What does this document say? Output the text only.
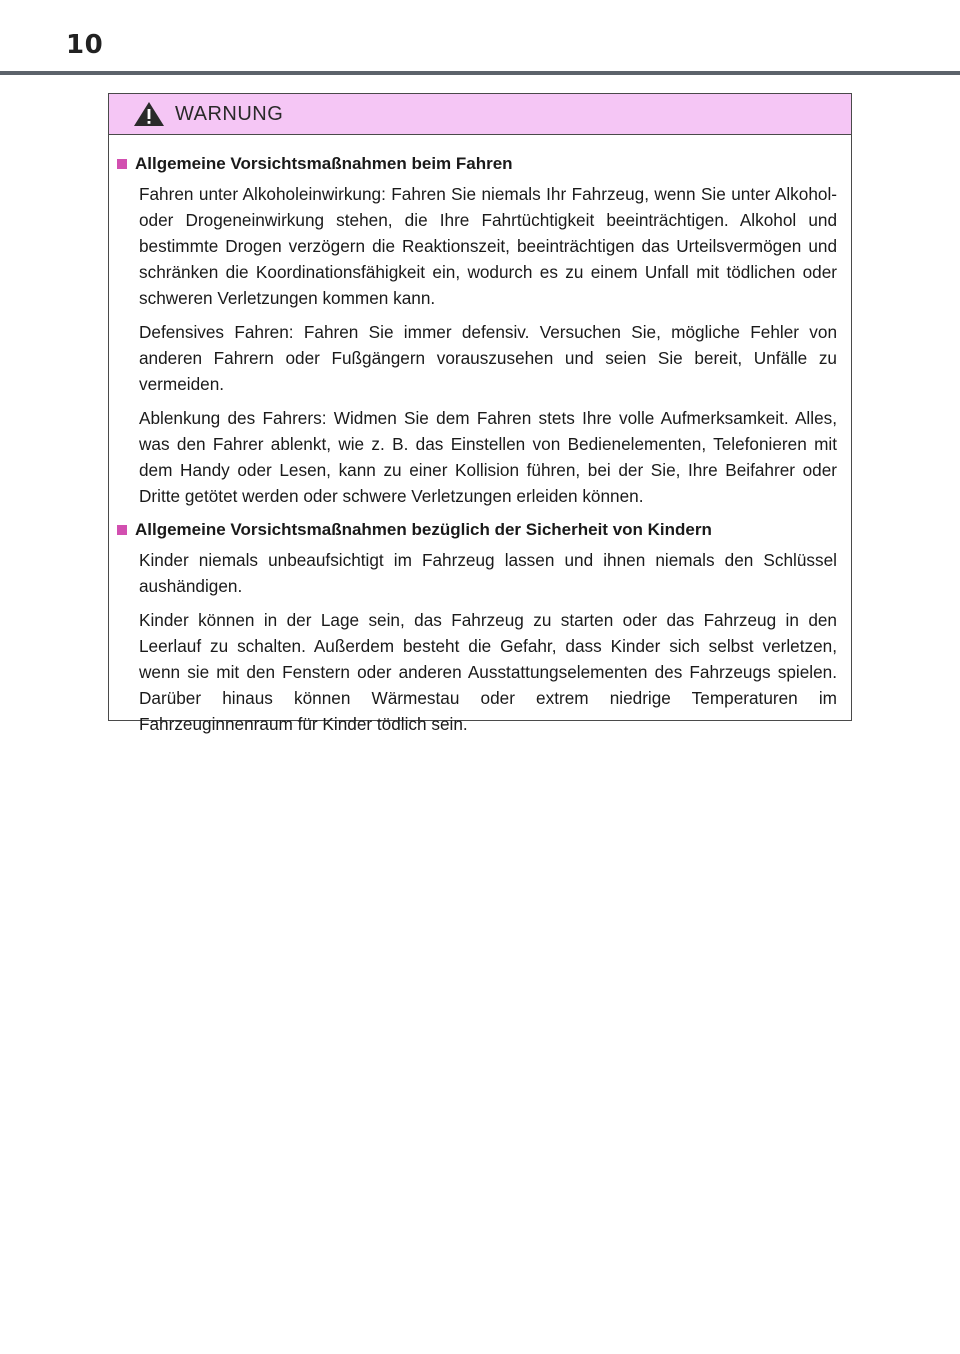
10
WARNUNG
Allgemeine Vorsichtsmaßnahmen beim Fahren

Fahren unter Alkoholeinwirkung: Fahren Sie niemals Ihr Fahrzeug, wenn Sie unter Alkohol- oder Drogeneinwirkung stehen, die Ihre Fahrtüchtigkeit beeinträchtigen. Alkohol und bestimmte Drogen verzögern die Reaktionszeit, beeinträchtigen das Urteilsvermögen und schränken die Koordinationsfähigkeit ein, wodurch es zu einem Unfall mit tödlichen oder schweren Verletzungen kommen kann.

Defensives Fahren: Fahren Sie immer defensiv. Versuchen Sie, mögliche Fehler von anderen Fahrern oder Fußgängern vorauszusehen und seien Sie bereit, Unfälle zu vermeiden.

Ablenkung des Fahrers: Widmen Sie dem Fahren stets Ihre volle Aufmerksamkeit. Alles, was den Fahrer ablenkt, wie z. B. das Einstellen von Bedienelementen, Telefonieren mit dem Handy oder Lesen, kann zu einer Kollision führen, bei der Sie, Ihre Beifahrer oder Dritte getötet werden oder schwere Verletzungen erleiden können.

Allgemeine Vorsichtsmaßnahmen bezüglich der Sicherheit von Kindern

Kinder niemals unbeaufsichtigt im Fahrzeug lassen und ihnen niemals den Schlüssel aushändigen.

Kinder können in der Lage sein, das Fahrzeug zu starten oder das Fahrzeug in den Leerlauf zu schalten. Außerdem besteht die Gefahr, dass Kinder sich selbst verletzen, wenn sie mit den Fenstern oder anderen Ausstattungselementen des Fahrzeugs spielen. Darüber hinaus können Wärmestau oder extrem niedrige Temperaturen im Fahrzeuginnenraum für Kinder tödlich sein.
